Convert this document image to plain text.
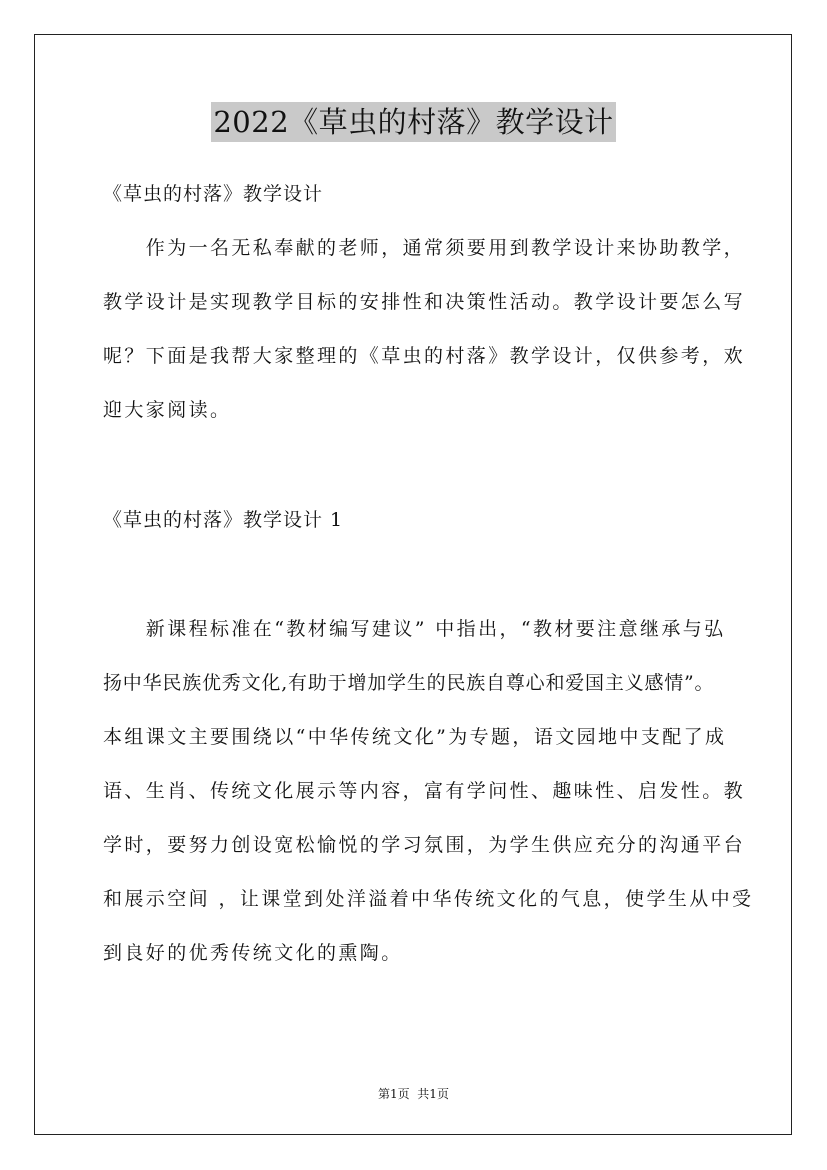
2022《草虫的村落》教学设计
《草虫的村落》教学设计
　　作为一名无私奉献的老师，通常须要用到教学设计来协助教学，
教学设计是实现教学目标的安排性和决策性活动。教学设计要怎么写
呢？下面是我帮大家整理的《草虫的村落》教学设计，仅供参考，欢
迎大家阅读。
《草虫的村落》教学设计 1
　　新课程标准在“教材编写建议” 中指出，“教材要注意继承与弘
扬中华民族优秀文化,有助于增加学生的民族自尊心和爱国主义感情”。
本组课文主要围绕以“中华传统文化”为专题，语文园地中支配了成
语、生肖、传统文化展示等内容，富有学问性、趣味性、启发性。教
学时，要努力创设宽松愉悦的学习氛围，为学生供应充分的沟通平台
和展示空间 ，让课堂到处洋溢着中华传统文化的气息，使学生从中受
到良好的优秀传统文化的熏陶。
第1页  共1页
